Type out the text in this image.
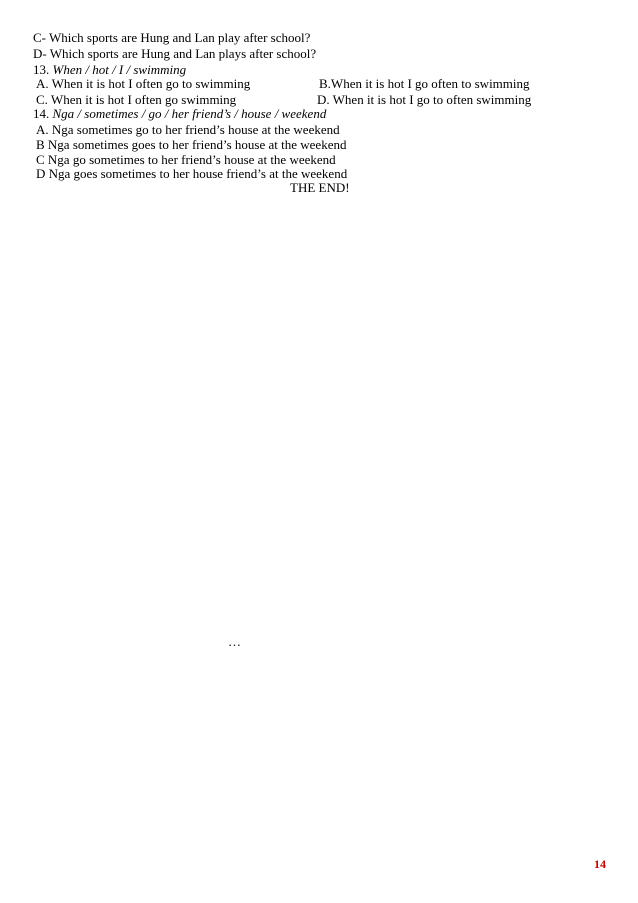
C- Which sports are Hung and Lan play after school?
D- Which sports are Hung and Lan plays after school?
13. When / hot / I / swimming
A. When it is hot I often go to swimming	B.When it is hot I go often to swimming
C. When it is hot I often go swimming	D. When it is hot I go to often swimming
14. Nga / sometimes / go / her friend’s / house / weekend
A. Nga sometimes go to her friend’s house at the weekend
B Nga sometimes goes to her friend’s house at the weekend
C Nga go sometimes to her friend’s house at the weekend
D Nga goes sometimes to her house friend’s at the weekend
THE END!
…
14
